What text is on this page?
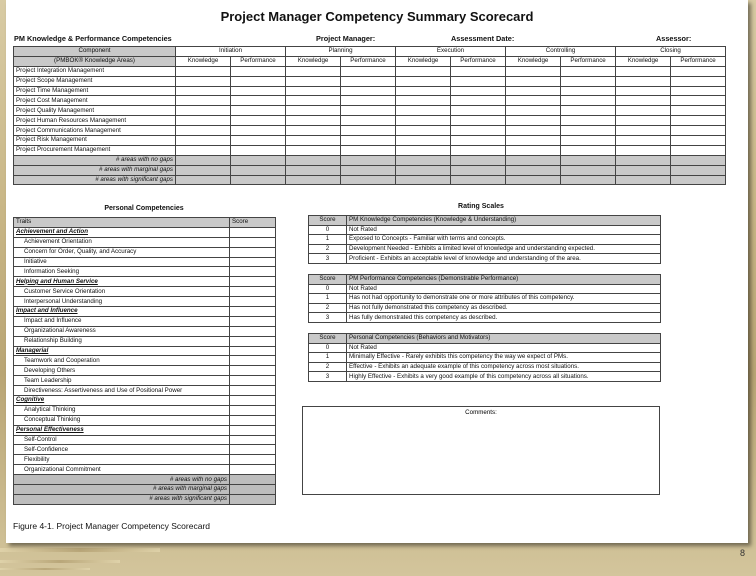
Project Manager Competency Summary Scorecard
PM Knowledge & Performance Competencies	Project Manager:	Assessment Date:	Assessor:
Component	Initiation		Planning		Execution		Controlling		Closing	
(PMBOK® Knowledge Areas)	Knowledge	Performance	Knowledge	Performance	Knowledge	Performance	Knowledge	Performance	Knowledge	Performance
Project Integration Management										
Project Scope Management										
Project Time Management										
Project Cost Management										
Project Quality Management										
Project Human Resources Management										
Project Communications Management										
Project Risk Management										
Project Procurement Management										
# areas with no gaps										
# areas with marginal gaps										
# areas with significant gaps										
Personal Competencies
Traits	Score
Achievement and Action	
Achievement Orientation	
Concern for Order, Quality, and Accuracy	
Initiative	
Information Seeking	
Helping and Human Service	
Customer Service Orientation	
Interpersonal Understanding	
Impact and Influence	
Impact and Influence	
Organizational Awareness	
Relationship Building	
Managerial	
Teamwork and Cooperation	
Developing Others	
Team Leadership	
Directiveness: Assertiveness and Use of Positional Power	
Cognitive	
Analytical Thinking	
Conceptual Thinking	
Personal Effectiveness	
Self-Control	
Self-Confidence	
Flexibility	
Organizational Commitment	
# areas with no gaps	
# areas with marginal gaps	
# areas with significant gaps	
Rating Scales
Score	PM Knowledge Competencies (Knowledge & Understanding)
0	Not Rated
1	Exposed to Concepts - Familiar with terms and concepts.
2	Development Needed - Exhibits a limited level of knowledge and understanding expected.
3	Proficient - Exhibits an acceptable level of knowledge and understanding of the area.
Score	PM Performance Competencies (Demonstrable Performance)
0	Not Rated
1	Has not had opportunity to demonstrate one or more attributes of this competency.
2	Has not fully demonstrated this competency as described.
3	Has fully demonstrated this competency as described.
Score	Personal Competencies (Behaviors and Motivators)
0	Not Rated
1	Minimally Effective - Rarely exhibits this competency the way we expect of PMs.
2	Effective - Exhibits an adequate example of this competency across most situations.
3	Highly Effective - Exhibits a very good example of this competency across all situations.
Comments:
Figure 4-1. Project Manager Competency Scorecard
8
